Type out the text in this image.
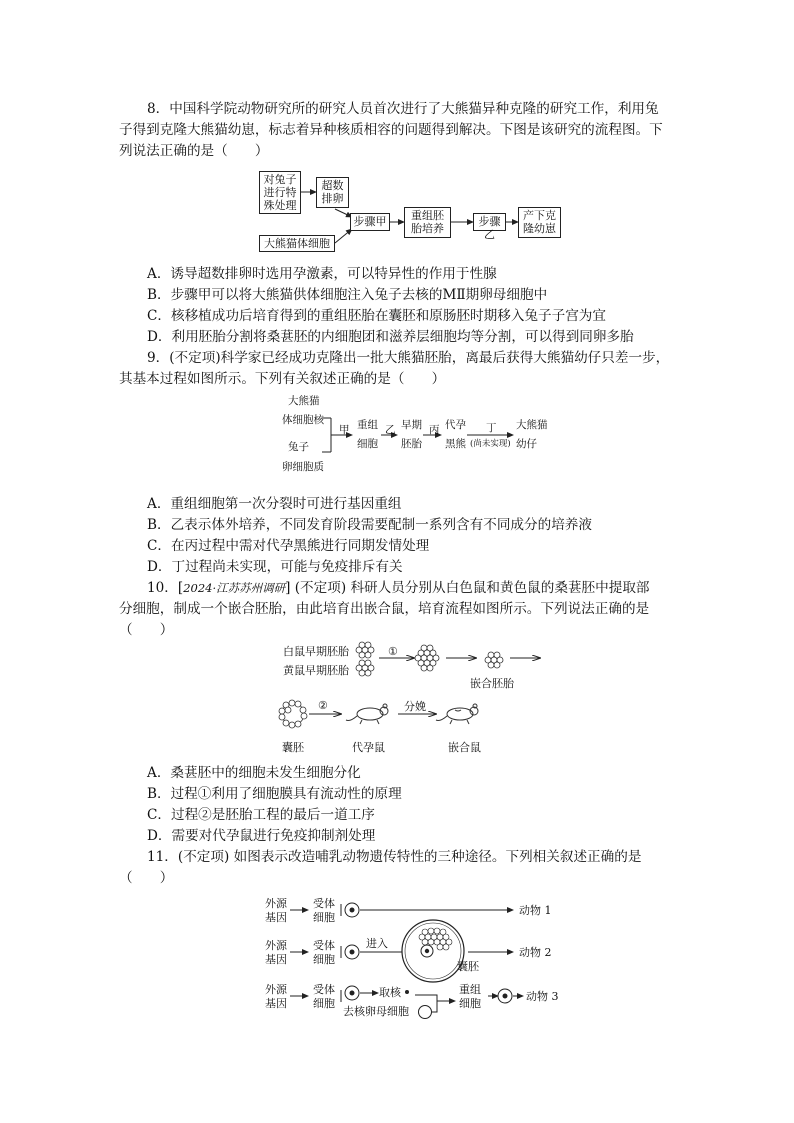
8．中国科学院动物研究所的研究人员首次进行了大熊猫异种克隆的研究工作，利用兔
子得到克隆大熊猫幼崽，标志着异种核质相容的问题得到解决。下图是该研究的流程图。下
列说法正确的是（　　）
对兔子
进行特
殊处理
超数
排卵
步骤甲
大熊猫体细胞
重组胚
胎培养
步骤乙
产下克
隆幼崽
A．诱导超数排卵时选用孕激素，可以特异性的作用于性腺
B．步骤甲可以将大熊猫供体细胞注入兔子去核的MⅡ期卵母细胞中
C．核移植成功后培育得到的重组胚胎在囊胚和原肠胚时期移入兔子子宫为宜
D．利用胚胎分割将桑葚胚的内细胞团和滋养层细胞均等分割，可以得到同卵多胎
9．(不定项)科学家已经成功克隆出一批大熊猫胚胎，离最后获得大熊猫幼仔只差一步，
其基本过程如图所示。下列有关叙述正确的是（　　）
大熊猫
体细胞核
兔子
卵细胞质
甲 重组
细胞
乙 早期
胚胎
丙 代孕
黑熊
丁
(尚未实现)
大熊猫
幼仔
A．重组细胞第一次分裂时可进行基因重组
B．乙表示体外培养，不同发育阶段需要配制一系列含有不同成分的培养液
C．在丙过程中需对代孕黑熊进行同期发情处理
D．丁过程尚未实现，可能与免疫排斥有关
10．[2024·江苏苏州调研] (不定项) 科研人员分别从白色鼠和黄色鼠的桑葚胚中提取部
分细胞，制成一个嵌合胚胎，由此培育出嵌合鼠，培育流程如图所示。下列说法正确的是
（　　）
白鼠早期胚胎
黄鼠早期胚胎
①
嵌合胚胎
②	分娩
囊胚	代孕鼠	嵌合鼠
A．桑葚胚中的细胞未发生细胞分化
B．过程①利用了细胞膜具有流动性的原理
C．过程②是胚胎工程的最后一道工序
D．需要对代孕鼠进行免疫抑制剂处理
11．(不定项) 如图表示改造哺乳动物遗传特性的三种途径。下列相关叙述正确的是
（　　）
外源
基因
受体
细胞
动物 1
外源
基因
受体
细胞
进入
囊胚
动物 2
外源
基因
受体
细胞
取核
去核卵母细胞
重组
细胞
动物 3
